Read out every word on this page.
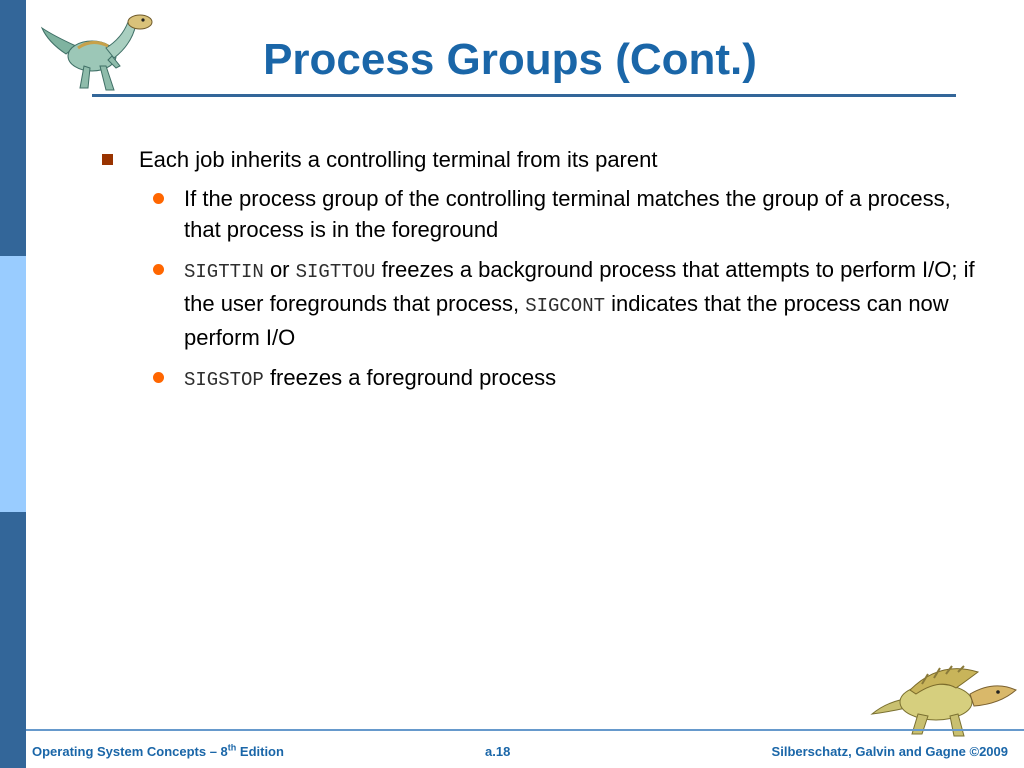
Process Groups (Cont.)
Each job inherits a controlling terminal from its parent
If the process group of the controlling terminal matches the group of a process, that process is in the foreground
SIGTTIN or SIGTTOU freezes a background process that attempts to perform I/O; if the user foregrounds that process, SIGCONT indicates that the process can now perform I/O
SIGSTOP freezes a foreground process
Operating System Concepts – 8th Edition	a.18	Silberschatz, Galvin and Gagne ©2009
